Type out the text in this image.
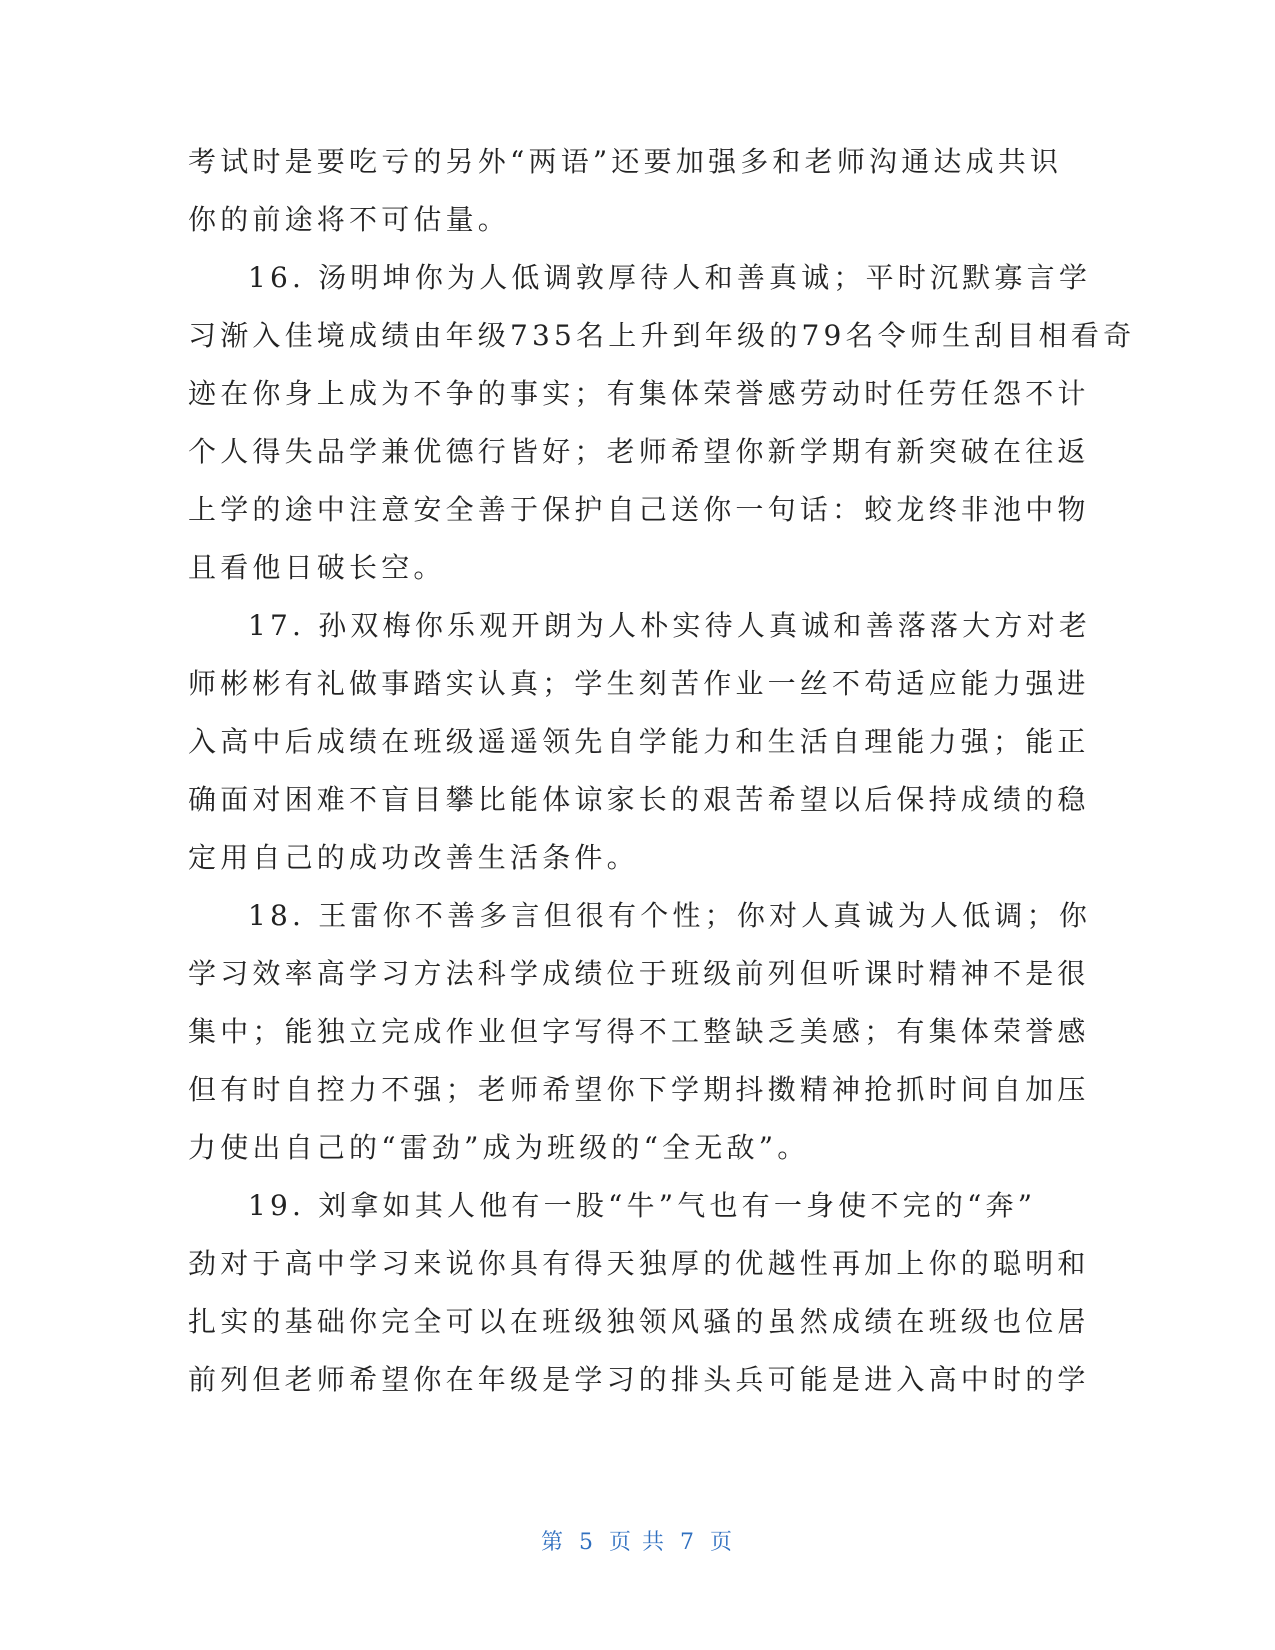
考试时是要吃亏的另外“两语”还要加强多和老师沟通达成共识
你的前途将不可估量。
16. 汤明坤你为人低调敦厚待人和善真诚；平时沉默寡言学
习渐入佳境成绩由年级735名上升到年级的79名令师生刮目相看奇
迹在你身上成为不争的事实；有集体荣誉感劳动时任劳任怨不计
个人得失品学兼优德行皆好；老师希望你新学期有新突破在往返
上学的途中注意安全善于保护自己送你一句话：蛟龙终非池中物
且看他日破长空。
17. 孙双梅你乐观开朗为人朴实待人真诚和善落落大方对老
师彬彬有礼做事踏实认真；学生刻苦作业一丝不苟适应能力强进
入高中后成绩在班级遥遥领先自学能力和生活自理能力强；能正
确面对困难不盲目攀比能体谅家长的艰苦希望以后保持成绩的稳
定用自己的成功改善生活条件。
18. 王雷你不善多言但很有个性；你对人真诚为人低调；你
学习效率高学习方法科学成绩位于班级前列但听课时精神不是很
集中；能独立完成作业但字写得不工整缺乏美感；有集体荣誉感
但有时自控力不强；老师希望你下学期抖擞精神抢抓时间自加压
力使出自己的“雷劲”成为班级的“全无敌”。
19. 刘拿如其人他有一股“牛”气也有一身使不完的“奔”
劲对于高中学习来说你具有得天独厚的优越性再加上你的聪明和
扎实的基础你完全可以在班级独领风骚的虽然成绩在班级也位居
前列但老师希望你在年级是学习的排头兵可能是进入高中时的学
第 5 页 共 7 页
